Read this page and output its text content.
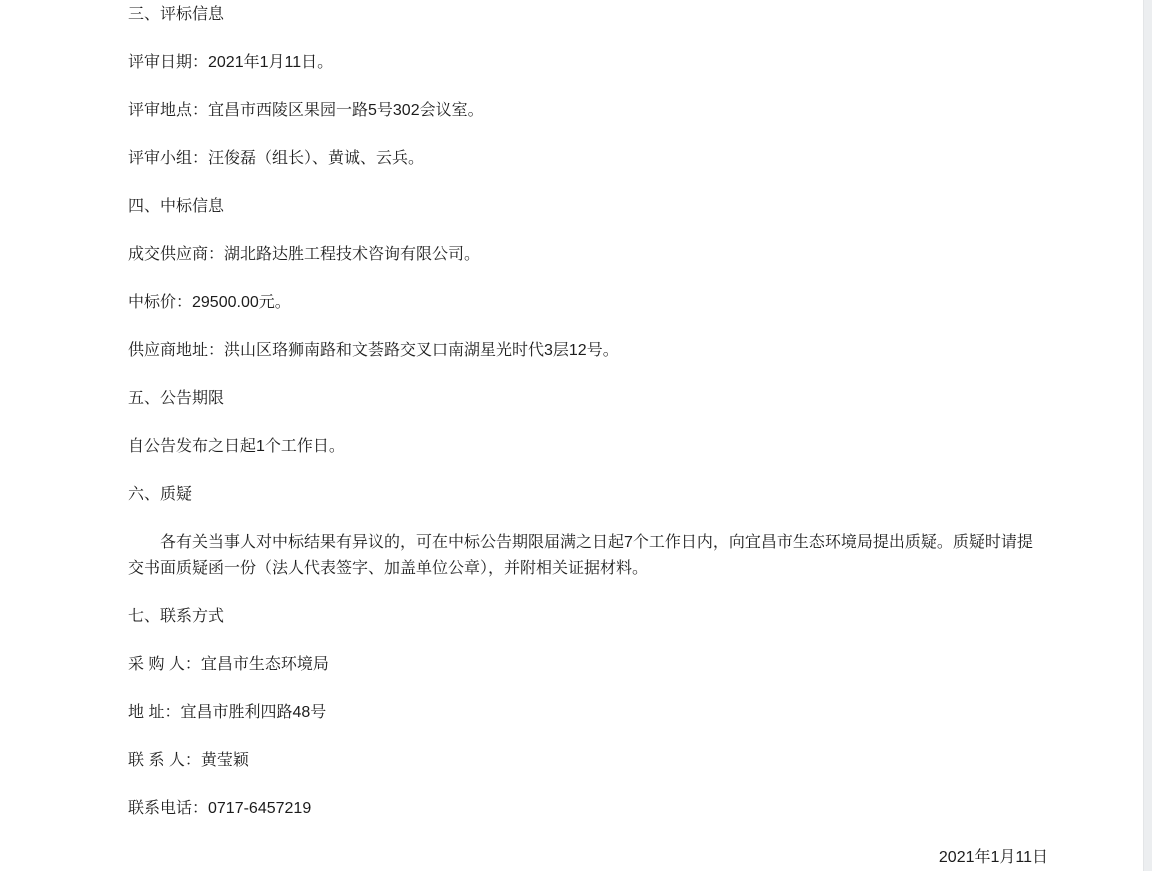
三、评标信息
评审日期：2021年1月11日。
评审地点：宜昌市西陵区果园一路5号302会议室。
评审小组：汪俊磊（组长）、黄诚、云兵。
四、中标信息
成交供应商：湖北路达胜工程技术咨询有限公司。
中标价：29500.00元。
供应商地址：洪山区珞狮南路和文荟路交叉口南湖星光时代3层12号。
五、公告期限
自公告发布之日起1个工作日。
六、质疑
各有关当事人对中标结果有异议的，可在中标公告期限届满之日起7个工作日内，向宜昌市生态环境局提出质疑。质疑时请提交书面质疑函一份（法人代表签字、加盖单位公章），并附相关证据材料。
七、联系方式
采 购 人：宜昌市生态环境局
地 址：宜昌市胜利四路48号
联 系 人：黄莹颖
联系电话：0717-6457219
2021年1月11日
